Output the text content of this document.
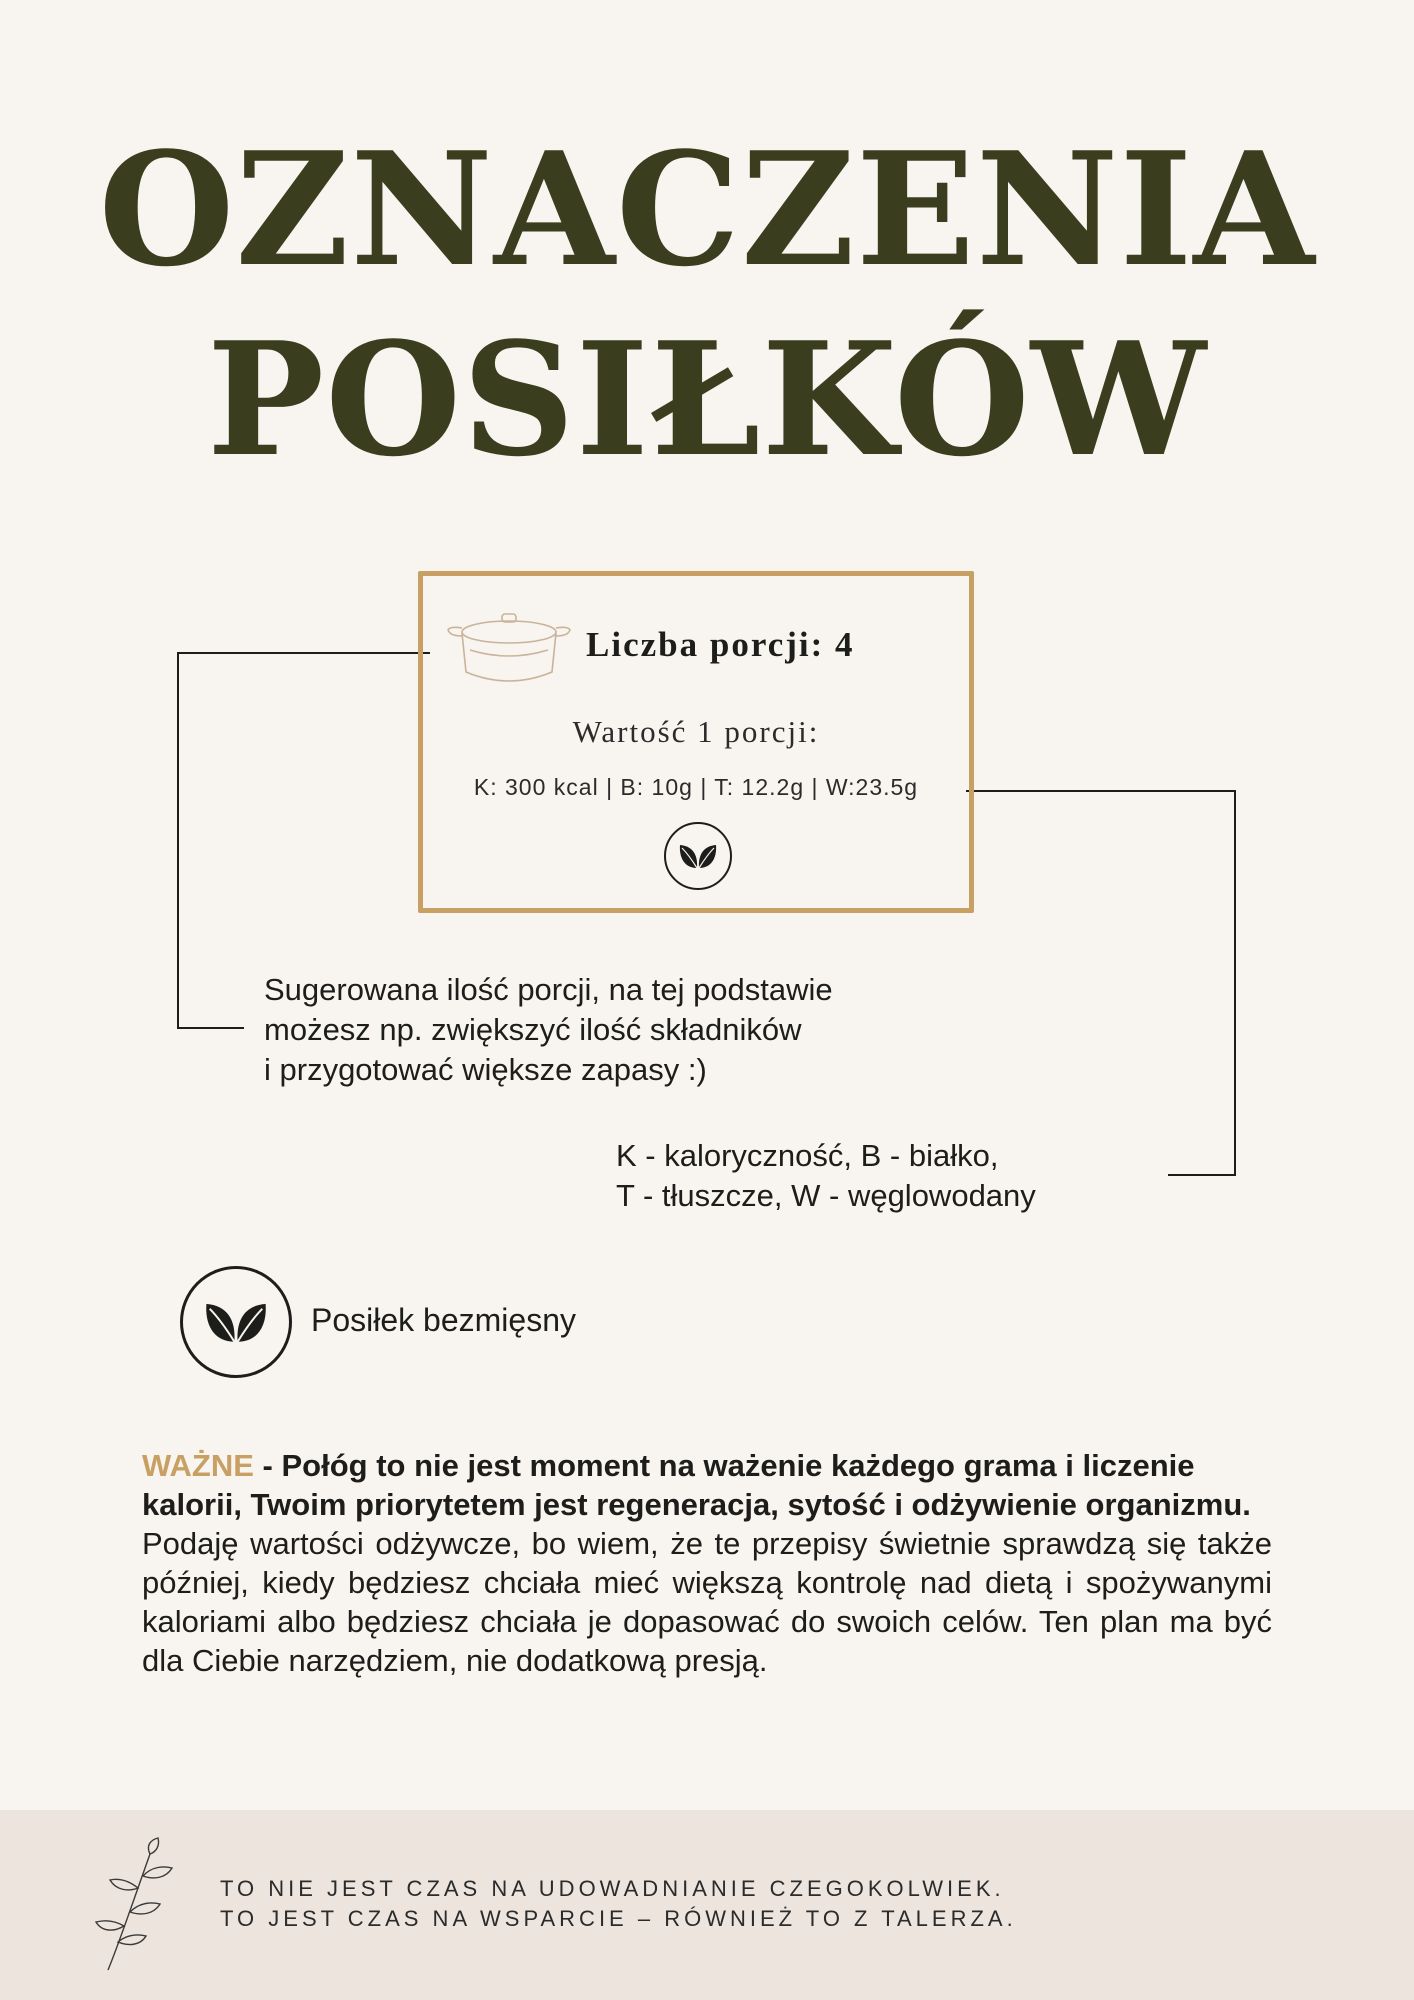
OZNACZENIA
POSIŁKÓW
Liczba porcji: 4
Wartość 1 porcji:
K: 300 kcal | B: 10g | T: 12.2g | W:23.5g
Sugerowana ilość porcji, na tej podstawie
możesz np. zwiększyć ilość składników
i przygotować większe zapasy :)
K - kaloryczność, B - białko,
T - tłuszcze, W - węglowodany
Posiłek bezmięsny
WAŻNE - Połóg to nie jest moment na ważenie każdego grama i liczenie kalorii, Twoim priorytetem jest regeneracja, sytość i odżywienie organizmu.
Podaję wartości odżywcze, bo wiem, że te przepisy świetnie sprawdzą się także później, kiedy będziesz chciała mieć większą kontrolę nad dietą i spożywanymi kaloriami albo będziesz chciała je dopasować do swoich celów. Ten plan ma być dla Ciebie narzędziem, nie dodatkową presją.
TO NIE JEST CZAS NA UDOWADNIANIE CZEGOKOLWIEK.
TO JEST CZAS NA WSPARCIE – RÓWNIEŻ TO Z TALERZA.
